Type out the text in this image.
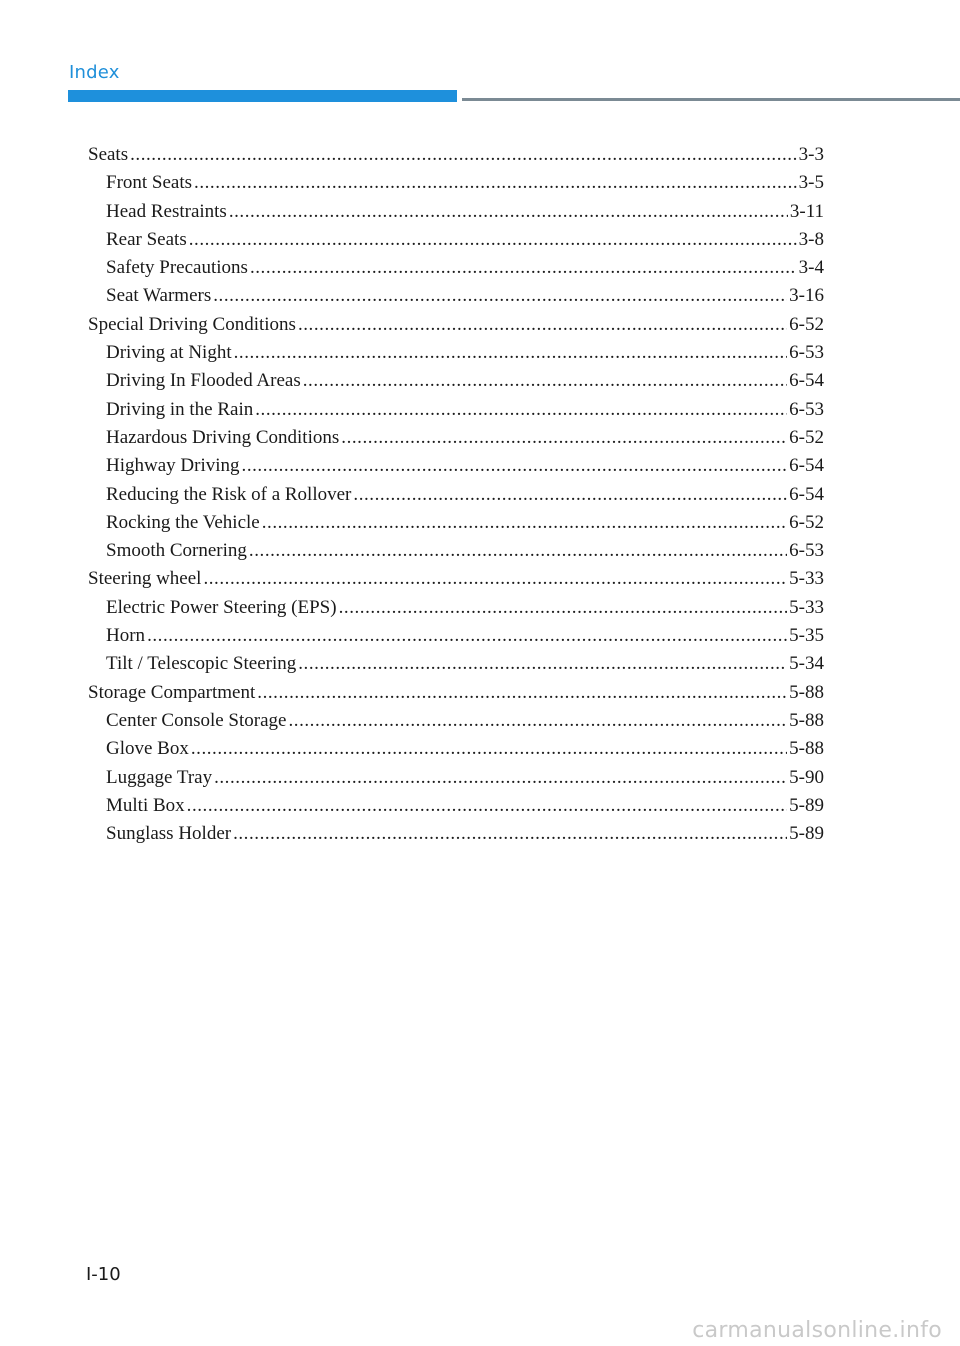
Index
Seats . . .	3-3
Front Seats . . .	3-5
Head Restraints . . .	3-11
Rear Seats . . .	3-8
Safety Precautions . . .	3-4
Seat Warmers . . .	3-16
Special Driving Conditions . . .	6-52
Driving at Night . . .	6-53
Driving In Flooded Areas . . .	6-54
Driving in the Rain . . .	6-53
Hazardous Driving Conditions . . .	6-52
Highway Driving . . .	6-54
Reducing the Risk of a Rollover . . .	6-54
Rocking the Vehicle . . .	6-52
Smooth Cornering . . .	6-53
Steering wheel . . .	5-33
Electric Power Steering (EPS) . . .	5-33
Horn . . .	5-35
Tilt / Telescopic Steering . . .	5-34
Storage Compartment . . .	5-88
Center Console Storage . . .	5-88
Glove Box . . .	5-88
Luggage Tray . . .	5-90
Multi Box . . .	5-89
Sunglass Holder . . .	5-89
I-10
carmanualsonline.info
